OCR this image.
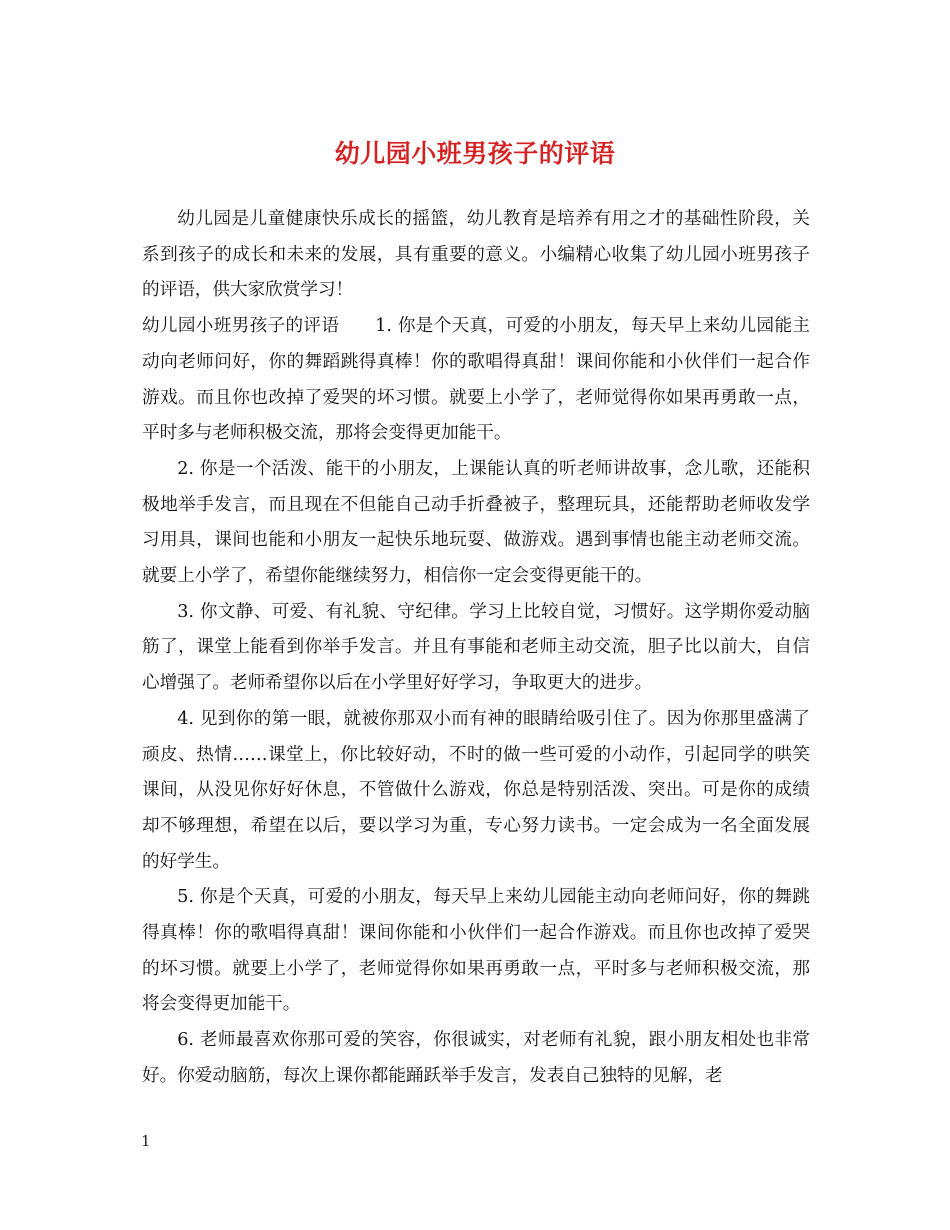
幼儿园小班男孩子的评语

幼儿园是儿童健康快乐成长的摇篮，幼儿教育是培养有用之才的基础性阶段，关系到孩子的成长和未来的发展，具有重要的意义。小编精心收集了幼儿园小班男孩子的评语，供大家欣赏学习！

幼儿园小班男孩子的评语　　1. 你是个天真，可爱的小朋友，每天早上来幼儿园能主动向老师问好，你的舞蹈跳得真棒！你的歌唱得真甜！课间你能和小伙伴们一起合作游戏。而且你也改掉了爱哭的坏习惯。就要上小学了，老师觉得你如果再勇敢一点，平时多与老师积极交流，那将会变得更加能干。

2. 你是一个活泼、能干的小朋友，上课能认真的听老师讲故事，念儿歌，还能积极地举手发言，而且现在不但能自己动手折叠被子，整理玩具，还能帮助老师收发学习用具，课间也能和小朋友一起快乐地玩耍、做游戏。遇到事情也能主动老师交流。就要上小学了，希望你能继续努力，相信你一定会变得更能干的。

3. 你文静、可爱、有礼貌、守纪律。学习上比较自觉，习惯好。这学期你爱动脑筋了，课堂上能看到你举手发言。并且有事能和老师主动交流，胆子比以前大，自信心增强了。老师希望你以后在小学里好好学习，争取更大的进步。

4. 见到你的第一眼，就被你那双小而有神的眼睛给吸引住了。因为你那里盛满了顽皮、热情……课堂上，你比较好动，不时的做一些可爱的小动作，引起同学的哄笑课间，从没见你好好休息，不管做什么游戏，你总是特别活泼、突出。可是你的成绩却不够理想，希望在以后，要以学习为重，专心努力读书。一定会成为一名全面发展的好学生。

5. 你是个天真，可爱的小朋友，每天早上来幼儿园能主动向老师问好，你的舞跳得真棒！你的歌唱得真甜！课间你能和小伙伴们一起合作游戏。而且你也改掉了爱哭的坏习惯。就要上小学了，老师觉得你如果再勇敢一点，平时多与老师积极交流，那将会变得更加能干。

6. 老师最喜欢你那可爱的笑容，你很诚实，对老师有礼貌，跟小朋友相处也非常好。你爱动脑筋，每次上课你都能踊跃举手发言，发表自己独特的见解，老

1
